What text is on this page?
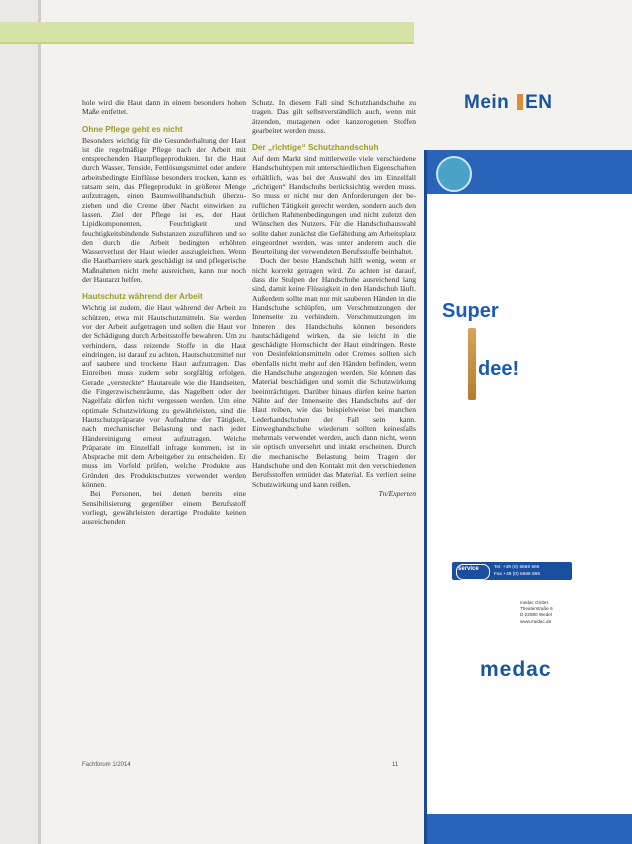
hole wird die Haut dann in einem besonders hohen Maße entfettet.

Ohne Pflege geht es nicht

Besonders wichtig für die Gesunderhaltung der Haut ist die regelmäßige Pflege nach der Arbeit mit entsprechenden Hautpflegeprodukten. Ist die Haut durch Wasser, Tenside, Fettlösungsmittel oder andere arbeitsbedingte Einflüsse besonders trocken, kann es ratsam sein, das Pflegeprodukt in größerer Menge aufzutragen, einen Baumwollhandschuh überzuziehen und die Creme über Nacht einwirken zu lassen. Ziel der Pflege ist es, der Haut Lipidkomponenten, Feuchtigkeit und feuchtigkeitsbindende Substanzen zuzuführen und so den durch die Arbeit bedingten erhöhten Wasserverlust der Haut wieder auszugleichen. Wenn die Hautbarriere stark geschädigt ist und pflegerische Maßnahmen nicht mehr ausreichen, kann nur noch der Hautarzt helfen.

Hautschutz während der Arbeit

Wichtig ist zudem, die Haut während der Arbeit zu schützen, etwa mit Hautschutzmitteln. Sie werden vor der Arbeit aufgetragen und sollen die Haut vor der Schädigung durch Arbeitsstoffe bewahren. Um zu verhindern, dass reizende Stoffe in die Haut eindringen, ist darauf zu achten, Hautschutzmittel nur auf saubere und trockene Haut aufzutragen. Das Einreiben muss zudem sehr sorgfältig erfolgen. Gerade „versteckte“ Hautareale wie die Handseiten, die Fingerzwischenräume, das Nagelbett oder der Nagelfalz dürfen nicht vergessen werden. Um eine optimale Schutzwirkung zu gewährleisten, sind die Hautschutzpräparate vor Aufnahme der Tätigkeit, nach mechanischer Belastung und nach jeder Händereinigung erneut aufzutragen. Welche Präparate im Einzelfall infrage kommen, ist in Absprache mit dem Arbeitgeber zu entscheiden. Er muss im Vorfeld prüfen, welche Produkte aus Gründen des Produktschutzes verwendet werden können.

Bei Personen, bei denen bereits eine Sensibilisierung gegenüber einem Berufsstoff vorliegt, gewährleisten derartige Produkte keinen ausreichenden

Schutz. In diesem Fall sind Schutzhandschuhe zu tragen. Das gilt selbstverständlich auch, wenn mit ätzenden, mutagenen oder kanzerogenen Stoffen gearbeitet werden muss.

Der „richtige“ Schutzhandschuh

Auf dem Markt sind mittlerweile viele verschiedene Handschuhtypen mit unterschiedlichen Eigenschaften erhältlich, was bei der Auswahl des im Einzelfall „richtigen“ Handschuhs berücksichtig werden muss. So muss er nicht nur den Anforderungen der beruflichen Tätigkeit gerecht werden, sondern auch den örtlichen Rahmenbedingungen und nicht zuletzt den Wünschen des Nutzers. Für die Handschuhauswahl sollte daher zunächst die Gefährdung am Arbeitsplatz eingeordnet werden, was unter anderem auch die Beurteilung der verwendeten Berufsstoffe beinhaltet.

Doch der beste Handschuh hilft wenig, wenn er nicht korrekt getragen wird. Zu achten ist darauf, dass die Stulpen der Handschuhe ausreichend lang sind, damit keine Flüssigkeit in den Handschuh läuft. Außerdem sollte man nur mit sauberen Händen in die Handschuhe schlüpfen, um Verschmutzungen der Innenseite zu verhindern. Verschmutzungen im Inneren des Handschuhs können besonders hautschädigend wirken, da sie leicht in die geschädigte Hornschicht der Haut eindringen. Reste von Desinfektionsmitteln oder Cremes sollten sich ebenfalls nicht mehr auf den Händen befinden, wenn die Handschuhe angezogen werden. Sie können das Material beschädigen und somit die Schutzwirkung beeinträchtigen. Darüber hinaus dürfen keine harten Nähte auf der Innenseite des Handschuhs auf der Haut reiben, wie das beispielsweise bei manchen Lederhandschuhen der Fall sein kann. Einweghandschuhe wiederum sollten keinesfalls mehrmals verwendet werden, auch dann nicht, wenn sie optisch unversehrt und intakt erscheinen. Durch die mechanische Belastung beim Tragen der Handschuhe und den Kontakt mit den verschiedenen Berufsstoffen ermüdet das Material. Es verliert seine Schutzwirkung und kann reißen.

Tn/Experten

Fachforum 1/2014	11
Mein EN
Super
dee!
service	Tel. +49 (0) 5666 666
Fax +49 (0) 5666 666
medac GmbH
Theaterstraße 6
D-22880 Wedel
www.medac.de
medac
